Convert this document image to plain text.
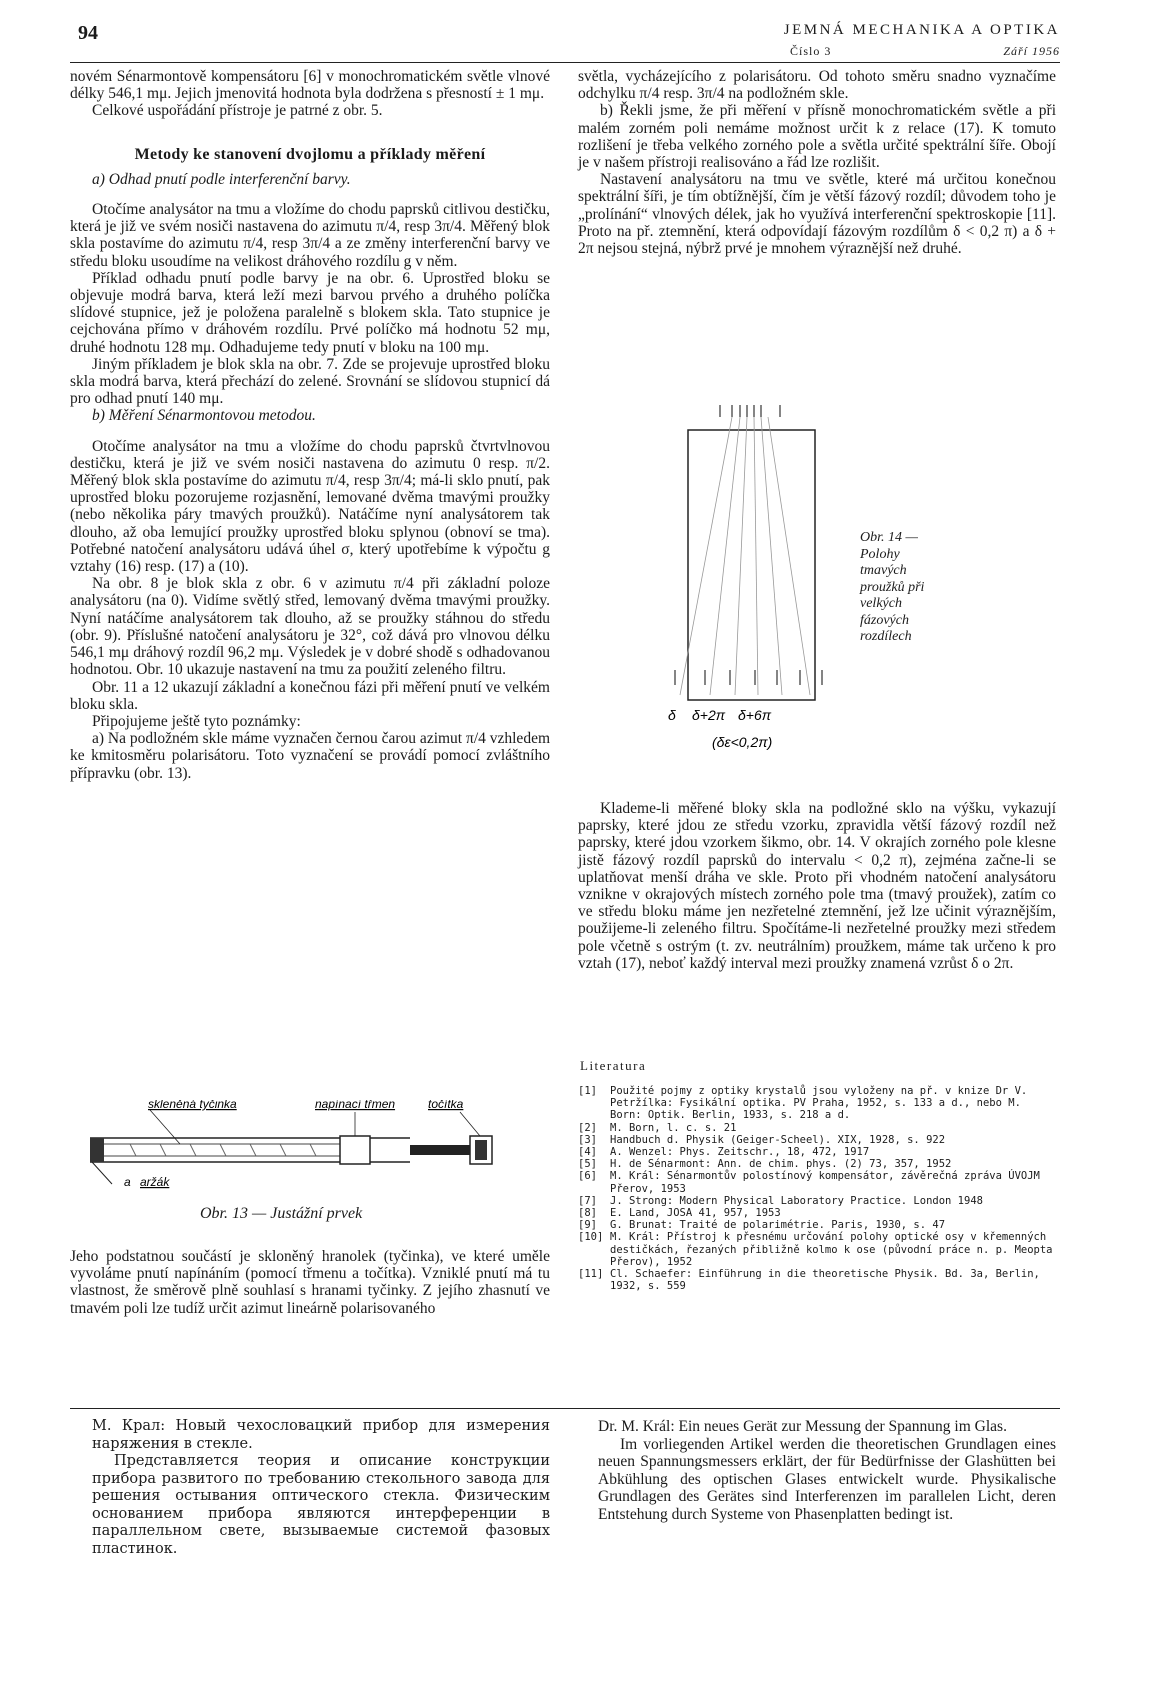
94	JEMNÁ MECHANIKA A OPTIKA
Číslo 3	Září 1956

novém Sénarmontově kompensátoru [6] v monochromatickém světle vlnové délky 546,1 mμ. Jejich jmenovitá hodnota byla dodržena s přesností ± 1 mμ.

Celkové uspořádání přístroje je patrné z obr. 5.

Metody ke stanovení dvojlomu a příklady měření

a) Odhad pnutí podle interferenční barvy.

Otočíme analysátor na tmu a vložíme do chodu paprsků citlivou destičku, která je již ve svém nosiči nastavena do azimutu π/4, resp 3π/4. Měřený blok skla postavíme do azimutu π/4, resp 3π/4 a ze změny interferenční barvy ve středu bloku usoudíme na velikost dráhového rozdílu g v něm.

Příklad odhadu pnutí podle barvy je na obr. 6. Uprostřed bloku se objevuje modrá barva, která leží mezi barvou prvého a druhého políčka slídové stupnice, jež je položena paralelně s blokem skla. Tato stupnice je cejchována přímo v dráhovém rozdílu. Prvé políčko má hodnotu 52 mμ, druhé hodnotu 128 mμ. Odhadujeme tedy pnutí v bloku na 100 mμ.

Jiným příkladem je blok skla na obr. 7. Zde se projevuje uprostřed bloku skla modrá barva, která přechází do zelené. Srovnání se slídovou stupnicí dá pro odhad pnutí 140 mμ.

b) Měření Sénarmontovou metodou.

Otočíme analysátor na tmu a vložíme do chodu paprsků čtvrtvlnovou destičku, která je již ve svém nosiči nastavena do azimutu 0 resp. π/2. Měřený blok skla postavíme do azimutu π/4, resp 3π/4; má-li sklo pnutí, pak uprostřed bloku pozorujeme rozjasnění, lemované dvěma tmavými proužky (nebo několika páry tmavých proužků). Natáčíme nyní analysátorem tak dlouho, až oba lemující proužky uprostřed bloku splynou (obnoví se tma). Potřebné natočení analysátoru udává úhel σ, který upotřebíme k výpočtu g vztahy (16) resp. (17) a (10).

Na obr. 8 je blok skla z obr. 6 v azimutu π/4 při základní poloze analysátoru (na 0). Vidíme světlý střed, lemovaný dvěma tmavými proužky. Nyní natáčíme analysátorem tak dlouho, až se proužky stáhnou do středu (obr. 9). Příslušné natočení analysátoru je 32°, což dává pro vlnovou délku 546,1 mμ dráhový rozdíl 96,2 mμ. Výsledek je v dobré shodě s odhadovanou hodnotou. Obr. 10 ukazuje nastavení na tmu za použití zeleného filtru.

Obr. 11 a 12 ukazují základní a konečnou fázi při měření pnutí ve velkém bloku skla.

Připojujeme ještě tyto poznámky:

a) Na podložném skle máme vyznačen černou čarou azimut π/4 vzhledem ke kmitosměru polarisátoru. Toto vyznačení se provádí pomocí zvláštního přípravku (obr. 13).

skleněná tyčinka	napínací třmen	točítka
a aržák
Obr. 13 — Justážní prvek

Jeho podstatnou součástí je skloněný hranolek (tyčinka), ve které uměle vyvoláme pnutí napínáním (pomocí třmenu a točítka). Vzniklé pnutí má tu vlastnost, že směrově plně souhlasí s hranami tyčinky. Z jejího zhasnutí ve tmavém poli lze tudíž určit azimut lineárně polarisovaného

světla, vycházejícího z polarisátoru. Od tohoto směru snadno vyznačíme odchylku π/4 resp. 3π/4 na podložném skle.

b) Řekli jsme, že při měření v přísně monochromatickém světle a při malém zorném poli nemáme možnost určit k z relace (17). K tomuto rozlišení je třeba velkého zorného pole a světla určité spektrální šíře. Obojí je v našem přístroji realisováno a řád lze rozlišit.

Nastavení analysátoru na tmu ve světle, které má určitou konečnou spektrální šíři, je tím obtížnější, čím je větší fázový rozdíl; důvodem toho je „prolínání“ vlnových délek, jak ho využívá interferenční spektroskopie [11]. Proto na př. ztemnění, která odpovídají fázovým rozdílům δ < 0,2 π) a δ + 2π nejsou stejná, nýbrž prvé je mnohem výraznější než druhé.

δ δ+2π δ+6π
(δε<0,2π)
Obr. 14 —
Polohy
tmavých
proužků při
velkých
fázových
rozdílech

Klademe-li měřené bloky skla na podložné sklo na výšku, vykazují paprsky, které jdou ze středu vzorku, zpravidla větší fázový rozdíl než paprsky, které jdou vzorkem šikmo, obr. 14. V okrajích zorného pole klesne jistě fázový rozdíl paprsků do intervalu < 0,2 π), zejména začne-li se uplatňovat menší dráha ve skle. Proto při vhodném natočení analysátoru vznikne v okrajových místech zorného pole tma (tmavý proužek), zatím co ve středu bloku máme jen nezřetelné ztemnění, jež lze učinit výraznějším, použijeme-li zeleného filtru. Spočítáme-li nezřetelné proužky mezi středem pole včetně s ostrým (t. zv. neutrálním) proužkem, máme tak určeno k pro vztah (17), neboť každý interval mezi proužky znamená vzrůst δ o 2π.

Literatura
[1]	Použité pojmy z optiky krystalů jsou vyloženy na př. v knize Dr V. Petržílka: Fysikální optika. PV Praha, 1952, s. 133 a d., nebo M. Born: Optik. Berlin, 1933, s. 218 a d.
[2]	M. Born, l. c. s. 21
[3]	Handbuch d. Physik (Geiger-Scheel). XIX, 1928, s. 922
[4]	A. Wenzel: Phys. Zeitschr., 18, 472, 1917
[5]	H. de Sénarmont: Ann. de chim. phys. (2) 73, 357, 1952
[6]	M. Král: Sénarmontův polostínový kompensátor, závěrečná zpráva ÚVOJM Přerov, 1953
[7]	J. Strong: Modern Physical Laboratory Practice. London 1948
[8]	E. Land, JOSA 41, 957, 1953
[9]	G. Brunat: Traité de polarimétrie. Paris, 1930, s. 47
[10] M. Král: Přístroj k přesnému určování polohy optické osy v křemenných destičkách, řezaných přibližně kolmo k ose (původní práce n. p. Meopta Přerov), 1952
[11] Cl. Schaefer: Einführung in die theoretische Physik. Bd. 3a, Berlin, 1932, s. 559

М. Крал: Новый чехословацкий прибор для измерения наряжения в стекле.

Представляется теория и описание конструкции прибора развитого по требованию стекольного завода для решения остывания оптического стекла. Физическим основанием прибора являются интерференции в параллельном свете, вызываемые системой фазовых пластинок.

Dr. M. Král: Ein neues Gerät zur Messung der Spannung im Glas.

Im vorliegenden Artikel werden die theoretischen Grundlagen eines neuen Spannungsmessers erklärt, der für Bedürfnisse der Glashütten bei Abkühlung des optischen Glases entwickelt wurde. Physikalische Grundlagen des Gerätes sind Interferenzen im parallelen Licht, deren Entstehung durch Systeme von Phasenplatten bedingt ist.
